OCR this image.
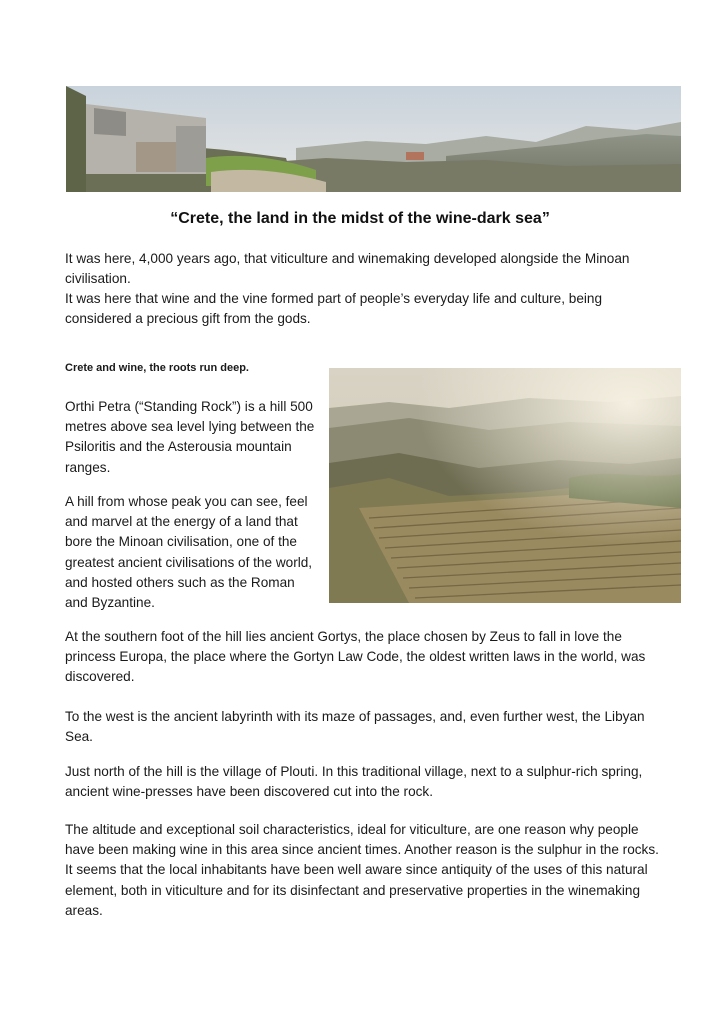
“Crete, the land in the midst of the wine-dark sea”

It was here, 4,000 years ago, that viticulture and winemaking developed alongside the Minoan civilisation.

It was here that wine and the vine formed part of people’s everyday life and culture, being considered a precious gift from the gods.

Crete and wine, the roots run deep.

Orthi Petra (“Standing Rock”) is a hill 500 metres above sea level lying between the Psiloritis and the Asterousia mountain ranges.

A hill from whose peak you can see, feel and marvel at the energy of a land that bore the Minoan civilisation, one of the greatest ancient civilisations of the world, and hosted others such as the Roman and Byzantine.

At the southern foot of the hill lies ancient Gortys, the place chosen by Zeus to fall in love the princess Europa, the place where the Gortyn Law Code, the oldest written laws in the world, was discovered.

To the west is the ancient labyrinth with its maze of passages, and, even further west, the Libyan Sea.

Just north of the hill is the village of Plouti. In this traditional village, next to a sulphur-rich spring, ancient wine-presses have been discovered cut into the rock.

The altitude and exceptional soil characteristics, ideal for viticulture, are one reason why people have been making wine in this area since ancient times. Another reason is the sulphur in the rocks. It seems that the local inhabitants have been well aware since antiquity of the uses of this natural element, both in viticulture and for its disinfectant and preservative properties in the winemaking areas.
